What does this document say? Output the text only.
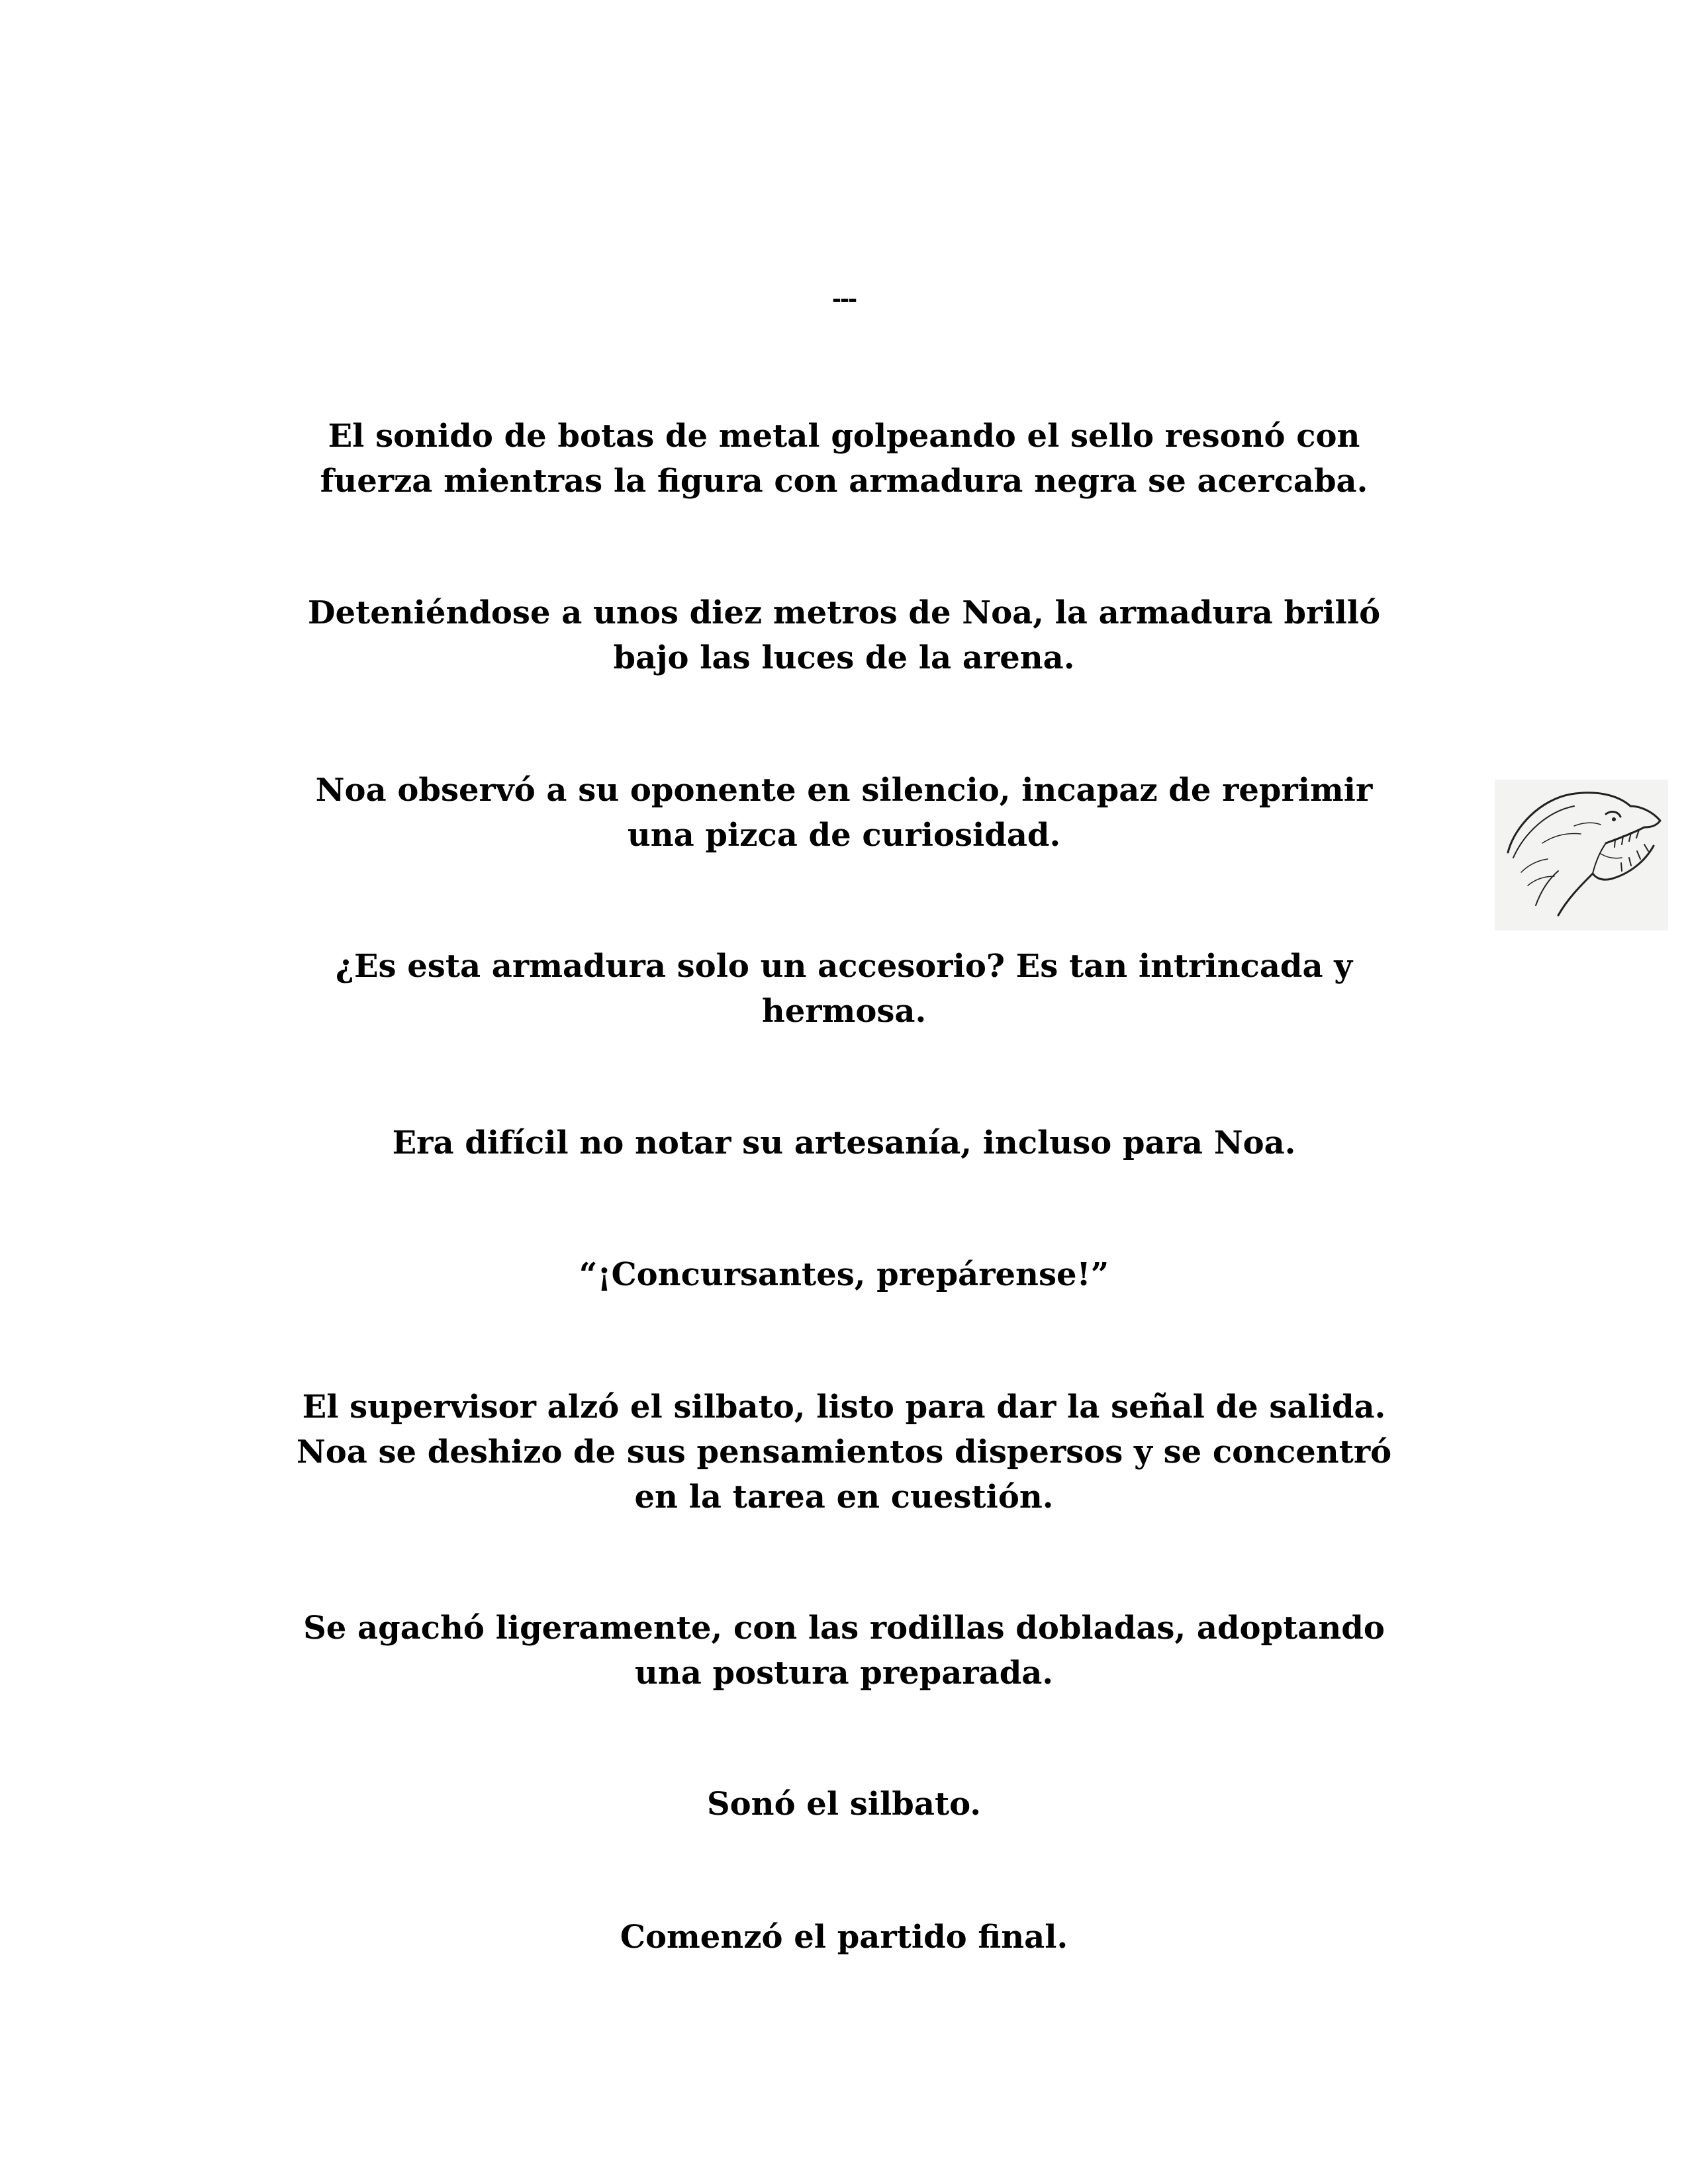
---

El sonido de botas de metal golpeando el sello resonó con
fuerza mientras la figura con armadura negra se acercaba.

Deteniéndose a unos diez metros de Noa, la armadura brilló
bajo las luces de la arena.

Noa observó a su oponente en silencio, incapaz de reprimir
una pizca de curiosidad.

¿Es esta armadura solo un accesorio? Es tan intrincada y
hermosa.

Era difícil no notar su artesanía, incluso para Noa.

“¡Concursantes, prepárense!”

El supervisor alzó el silbato, listo para dar la señal de salida.
Noa se deshizo de sus pensamientos dispersos y se concentró
en la tarea en cuestión.

Se agachó ligeramente, con las rodillas dobladas, adoptando
una postura preparada.

Sonó el silbato.

Comenzó el partido final.
